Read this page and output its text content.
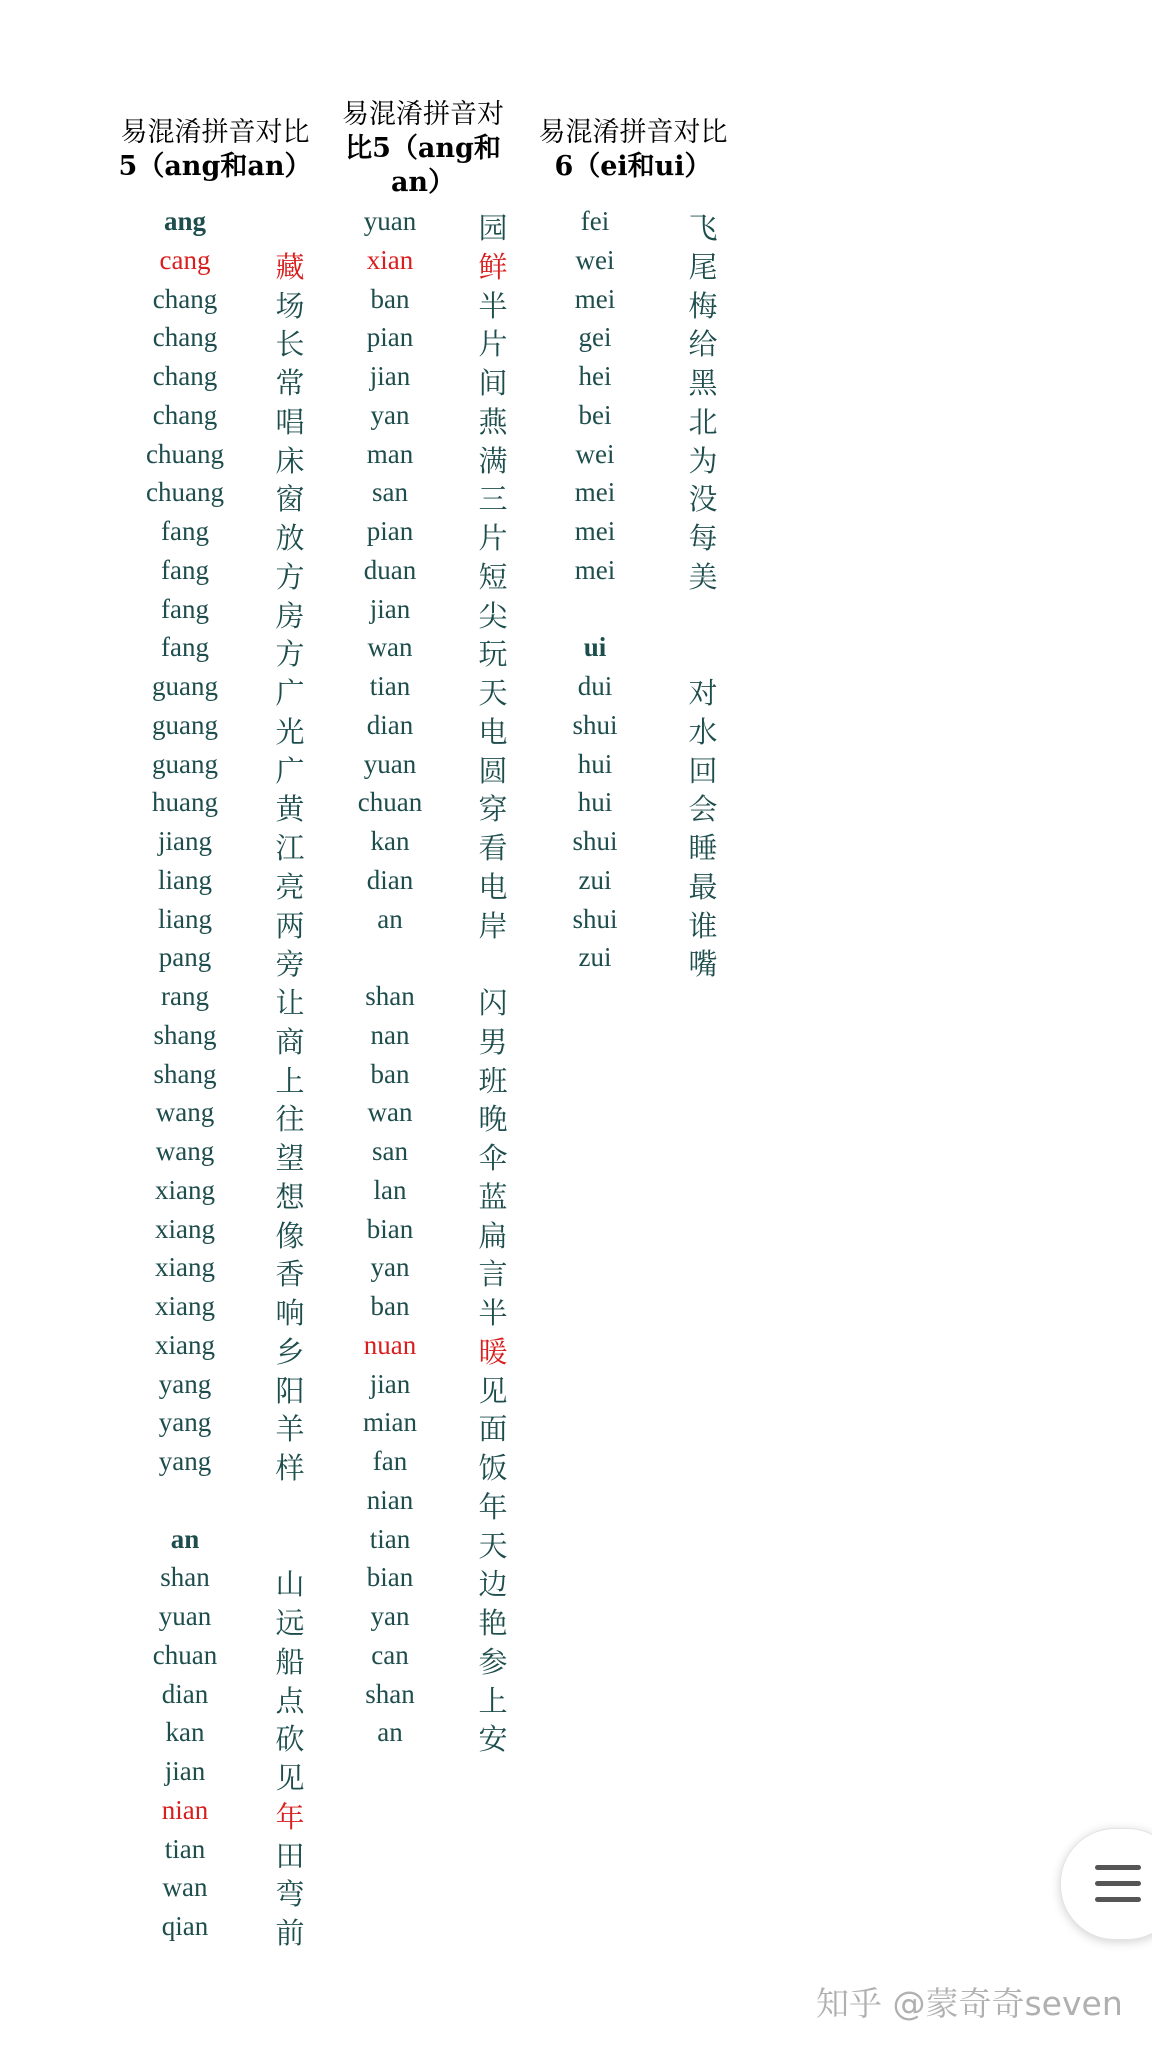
易混淆拼音对比
5（ang和an）
易混淆拼音对
比5（ang和
an）
易混淆拼音对比
6（ei和ui）
ang
cang	藏
chang	场
chang	长
chang	常
chang	唱
chuang	床
chuang	窗
fang	放
fang	方
fang	房
fang	方
guang	广
guang	光
guang	广
huang	黄
jiang	江
liang	亮
liang	两
pang	旁
rang	让
shang	商
shang	上
wang	往
wang	望
xiang	想
xiang	像
xiang	香
xiang	响
xiang	乡
yang	阳
yang	羊
yang	样
an
shan	山
yuan	远
chuan	船
dian	点
kan	砍
jian	见
nian	年
tian	田
wan	弯
qian	前
yuan	园
xian	鲜
ban	半
pian	片
jian	间
yan	燕
man	满
san	三
pian	片
duan	短
jian	尖
wan	玩
tian	天
dian	电
yuan	圆
chuan	穿
kan	看
dian	电
an	岸
shan	闪
nan	男
ban	班
wan	晚
san	伞
lan	蓝
bian	扁
yan	言
ban	半
nuan	暖
jian	见
mian	面
fan	饭
nian	年
tian	天
bian	边
yan	艳
can	参
shan	上
an	安
fei	飞
wei	尾
mei	梅
gei	给
hei	黑
bei	北
wei	为
mei	没
mei	每
mei	美
ui
dui	对
shui	水
hui	回
hui	会
shui	睡
zui	最
shui	谁
zui	嘴
知乎 @蒙奇奇seven
